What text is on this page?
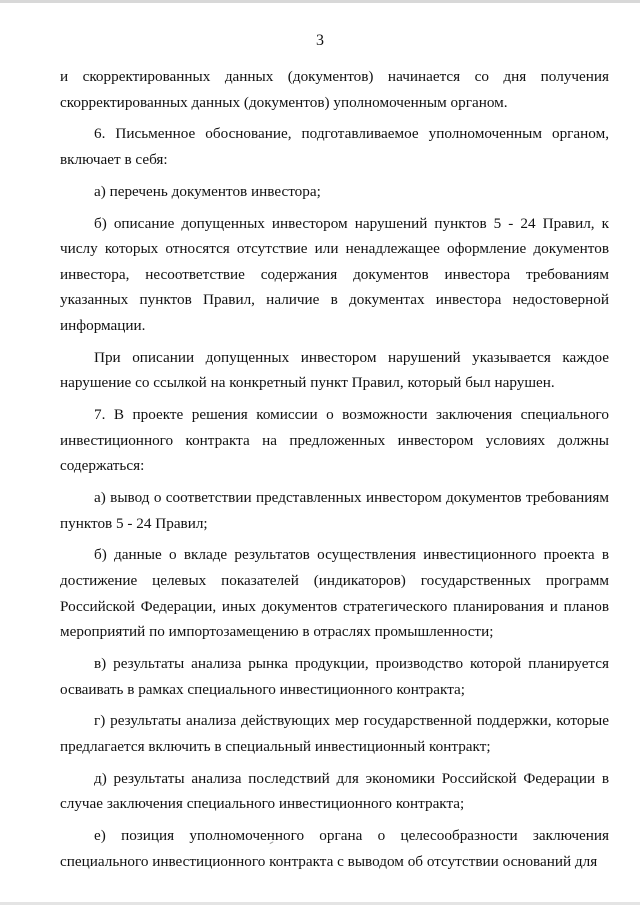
3

и скорректированных данных (документов) начинается со дня получения скорректированных данных (документов) уполномоченным органом.

6. Письменное обоснование, подготавливаемое уполномоченным органом, включает в себя:

а) перечень документов инвестора;

б) описание допущенных инвестором нарушений пунктов 5 - 24 Правил, к числу которых относятся отсутствие или ненадлежащее оформление документов инвестора, несоответствие содержания документов инвестора требованиям указанных пунктов Правил, наличие в документах инвестора недостоверной информации.

При описании допущенных инвестором нарушений указывается каждое нарушение со ссылкой на конкретный пункт Правил, который был нарушен.

7. В проекте решения комиссии о возможности заключения специального инвестиционного контракта на предложенных инвестором условиях должны содержаться:

а) вывод о соответствии представленных инвестором документов требованиям пунктов 5 - 24 Правил;

б) данные о вкладе результатов осуществления инвестиционного проекта в достижение целевых показателей (индикаторов) государственных программ Российской Федерации, иных документов стратегического планирования и планов мероприятий по импортозамещению в отраслях промышленности;

в) результаты анализа рынка продукции, производство которой планируется осваивать в рамках специального инвестиционного контракта;

г) результаты анализа действующих мер государственной поддержки, которые предлагается включить в специальный инвестиционный контракт;

д) результаты анализа последствий для экономики Российской Федерации в случае заключения специального инвестиционного контракта;

е) позиция уполномоченного органа о целесообразности заключения специального инвестиционного контракта с выводом об отсутствии оснований для
